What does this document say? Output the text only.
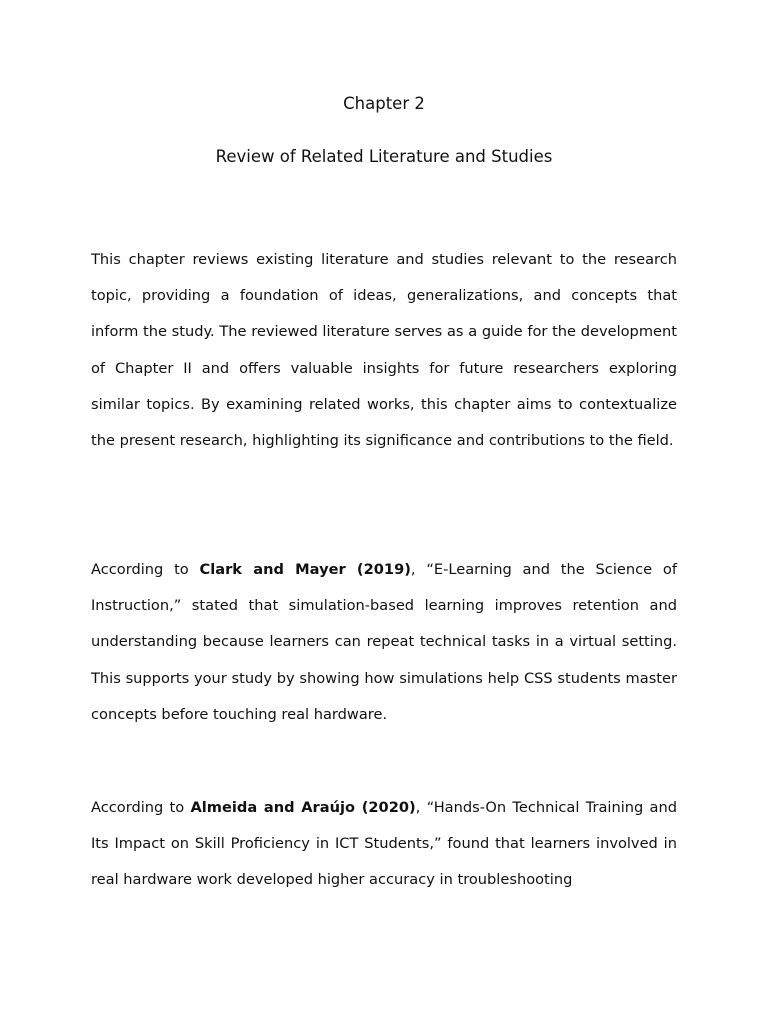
Chapter 2
Review of Related Literature and Studies

This chapter reviews existing literature and studies relevant to the research topic, providing a foundation of ideas, generalizations, and concepts that inform the study. The reviewed literature serves as a guide for the development of Chapter II and offers valuable insights for future researchers exploring similar topics. By examining related works, this chapter aims to contextualize the present research, highlighting its significance and contributions to the field.

According to Clark and Mayer (2019), “E-Learning and the Science of Instruction,” stated that simulation-based learning improves retention and understanding because learners can repeat technical tasks in a virtual setting. This supports your study by showing how simulations help CSS students master concepts before touching real hardware.

According to Almeida and Araújo (2020), “Hands-On Technical Training and Its Impact on Skill Proficiency in ICT Students,” found that learners involved in real hardware work developed higher accuracy in troubleshooting
